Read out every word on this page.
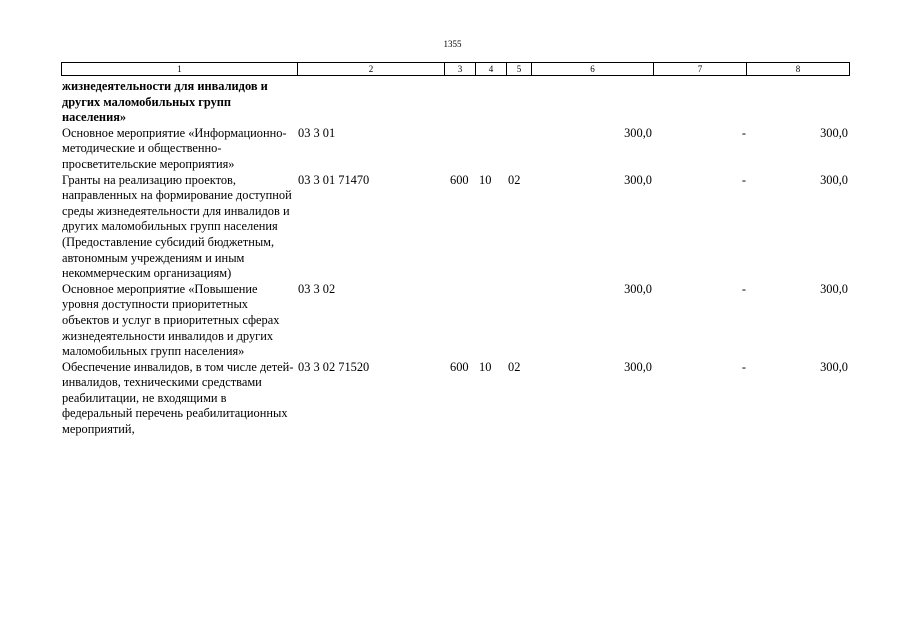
1355
1	2	3	4	5	6	7	8
жизнедеятельности для инвалидов и других маломобильных групп населения»							
Основное мероприятие «Информационно-методические и общественно-просветительские мероприятия»	03 3 01				300,0	-	300,0
Гранты на реализацию проектов, направленных на формирование доступной среды жизнедеятельности для инвалидов и других маломобильных групп населения (Предоставление субсидий бюджетным, автономным учреждениям и иным некоммерческим организациям)	03 3 01 71470	600	10	02	300,0	-	300,0
Основное мероприятие «Повышение уровня доступности приоритетных объектов и услуг в приоритетных сферах жизнедеятельности инвалидов и других маломобильных групп населения»	03 3 02				300,0	-	300,0
Обеспечение инвалидов, в том числе детей-инвалидов, техническими средствами реабилитации, не входящими в федеральный перечень реабилитационных мероприятий,	03 3 02 71520	600	10	02	300,0	-	300,0
